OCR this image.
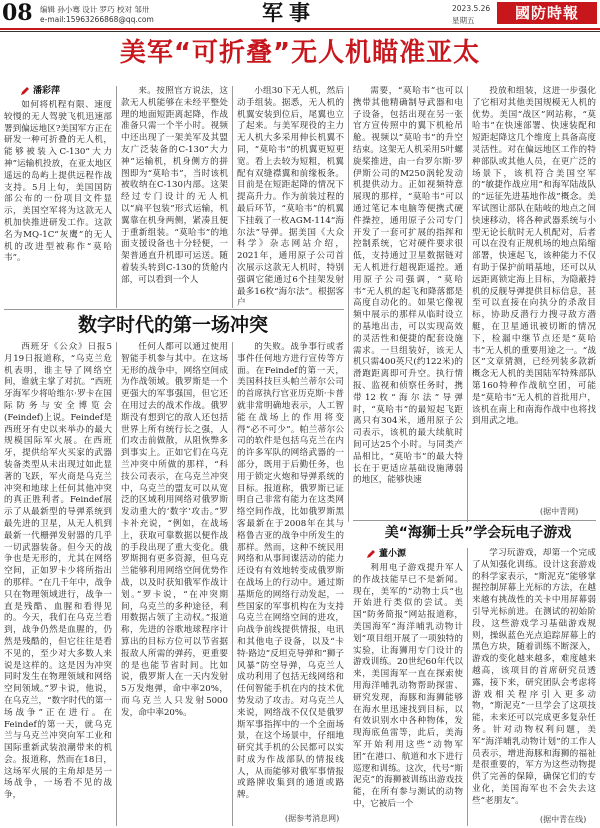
08 编辑 孙小骞 设计 罗巧 校对 邹卅
e-mail:15963266868@qq.com	军事	2023.5.26
星期五	國防時報
美军“可折叠”无人机瞄准亚太
潘彩萍

如何将机程有限、速度较慢的无人驾驶飞机迅速部署到偏远地区?美国军方正在研发一种可折叠的无人机，能够被装入C-130“大力神”运输机投放，在亚太地区遥远的岛屿上提供远程作战支持。5月上旬，美国国防部公布的一份项目文件显示，美国空军将为这款无人机加快推进研发工作。这款名为MQ-1C“灰鹰”的无人机的改进型被称作“莫哈韦”。

来。按照官方说法，这款无人机能够在未经平整处理的地面短距离起降，作战准备只需一个半小时。视频中还出现了一架美军及其盟友广泛装备的C-130“大力神”运输机，机身侧方的拼图即为“莫哈韦”，当时该机被收纳在C-130内部。这架经过专门设计的无人机以“扁平包装”形式运输，机翼靠在机身两侧，紧凑且便于重新组装。“莫哈韦”的地面支援设备也十分轻便，一架普通直升机即可运送。随着装头转到C-130的货舱内部，可以看到一个人

小组30下无人机，然后动手组装。据悉，无人机的机翼安装到位后，尾翼也立了起来。与美军现役的主力无人机大多采用伸长机翼不同，“莫哈韦”的机翼更短更宽。看上去较为短粗，机翼配有双缝襟翼和前缘板条。目前是在短距起降的情况下提高升力。作为前装过程的最后环节，“莫哈韦”的机翼下挂载了一枚AGM-114“海尔法”导弹。据美国《大众科学》杂志网站介绍，2021年，通用原子公司首次展示这款无人机时，特别强调它能通过6个挂架发射最多16枚“海尔法”。根据客户

需要，“莫哈韦”也可以携带其他精确制导武器和电子设备，包括出现在另一张官方宣传照中的翼下机枪吊舱。视频以“莫哈韦”的升空结束。这架无人机采用5叶螺旋桨推进，由一台罗尔斯·罗伊斯公司的M250涡轮发动机提供动力。正如视频特意展现的那样，“莫哈韦”可以通过笔记本电脑等便携式硬件操控，通用原子公司专门开发了一套可扩展的指挥和控制系统，它对硬件要求很低，支持通过卫星数据链对无人机进行超视距遥控。通用原子公司强调，“莫哈韦”无人机的起飞和降落都是高度自动化的。如果它像视频中展示的那样从临时设立的基地出击，可以实现高效的灵活性和便捷的配套设施需求。一旦组装好，该无人机只需400英尺(约122米)的滑跑距离即可升空。执行情报、监视和侦察任务时，携带12枚“海尔法”导弹时，“莫哈韦”的最短起飞距离只有304米，通用原子公司表示，该机的最大续航时间可达25个小时。与同类产品相比，“莫哈韦”的最大特长在于更适应基础设施薄弱的地区，能够快速

投放和组装，这进一步强化了它相对其他美国规模无人机的优势。美国“战区”网站称，“莫哈韦”在快速部署、快速装配和短距起降这几个维度上具备高度灵活性。对在偏远地区工作的特种部队或其他人员，在更广泛的场景下，该机符合美国空军的“敏捷作战应用”和海军陆战队的“远征先进基地作战”概念。美军试图让部队在陆岐的地点之间快速移动，将各种武器系统与小型无论长航时无人机配对，后者可以在没有正规机场的地点陷缩部署，快速起飞，该种能力不仅有助于保护前哨基地，还可以从远距离锁定海上目标，为隐蔽持机的反舰导弹提供目标信息，甚至可以直接在向执分的杀敌目标，协助反潜行力搜寻敌方潜艇，在卫星通讯被切断的情况下，检漏中继节点还是“莫哈韦”无人机的重要用途之一。“战区”文章猜测，已经列装多款新概念无人机的美国陆军特殊部队第160特种作战航空团，可能是“莫哈韦”无人机的首批用户，该机在南上和南海作战中也将找到用武之地。

(据中青网)
数字时代的第一场冲突

西班牙《公众》日报5月19日报道称，“乌克兰危机表明，谁主导了网络空间，谁就主掌了对抗。“西班牙海军少将哈维尔·罗卡在国际防务与安全博览会(Feindef)上说。Feindef是西班牙有史以来举办的最大规模国际军火展。在西班牙，提供给军火买家的武器装备类型从未出现过如此显著的飞跃，军火商是乌克兰冲突和地球上任何其他冲突的真正胜利者。Feindef展示了从最新型的导弹系统到最先进的卫星，从无人机到最新一代栅弹发射器的几乎一切武器装备。但今天的战争也是无形的，尤其在网络空间，正如罗卡少将所指出的那样。“在几千年中，战争只在物理领域进行，战争一直是残酷、血腥和看得见的。今天，我们在乌克兰看到，战争仍然是血腥的，仍然是残酷的，但它往往是看不见的，至少对大多数人来说是这样的。这是因为冲突同时发生在物理领域和网络空间领域。”罗卡说，他说，在乌克兰，“数字时代的第一场战争”正在进行。在Feindef的第一天，就乌克兰与乌克兰冲突向军工业和国际重新武装浪潮带来的机会。报道称，然而在18日，这场军火展的主角却是另一场战争，一场看不见的战争，

任何人都可以通过使用智能手机参与其中。在这场无形的战争中，网络空间成为作战领域。俄罗斯是一个更强大的军事强国，但它还在用过去的战术作战。俄罗斯没有想到它的敌人还包括世界上所有统行长之强，人们攻击前做散，从阻恢弊多到事实上。正如它们在乌克兰冲突中所做的那样，“科技公司表示，在乌克兰冲突中，乌克兰的盟友可以从宽泛的区域利用网络对俄罗斯发动重大的‘数字’攻击。”罗卡补充说，“例如，在战场上，获取可靠数据以便作战的手段出现了重大变化。俄罗斯拥有更多资源，但乌克兰能够利用网络空间优势作战，以及时获知俄军作战计划。”罗卡说，“在冲突期间，乌克兰的多种途径，利用数据占领了主动权。”报道称，先进的谷歌地球程序计算出的目标方位可以节省据报敌人所需的弹药，更重要的是也能节省时间。比如说，俄罗斯人在一天内发射5万发炮弹，命中率20%，而乌克兰人只发射5000发，命中率20%。

的失败。战争事行或者事件任何地方进行宣传等方面。在Feindef的第一天，美国科技巨头帕兰蒂尔公司的首席执行官亚历克斯·卡普就非常明确地表示，人工智能在战场上的作用将变得“必不可少”。帕兰蒂尔公司的软件是包括乌克兰在内的许多军队的网络武器的一部分，既用于后勤任务，也用于锁定火炮和导弹系统的目标。报道称，俄罗斯已证明自己非常有能力在这类网络空间作战，比如俄罗斯黑客最新在于2008年在其与格鲁吉亚的战争中所发生的那样。然而，这种不统民用网络和从事间谍活动的能力还设有有效地转变成俄罗斯在战场上的行动中。通过斯基斯危的网络行动发起，一些国家的军事机构在为支持乌克兰在网络空间的进攻，向战争前线提供情报，电讯和其他电子设备，以及“卡特·路边”反坦克导弹和“狮子风暴”防空导弹，乌克兰人成功利用了包括无线网络和任何智能手机在内的技术优势发动了攻击。对乌克兰人来说，网络战不仅仅是俄罗斯军事指挥中的一个全面场景，在这个场景中，仔细地研究其手机的公民都可以实时成为作战部队的情报线人，从而能够对俄军事情报或路牌收集到的通道或路牌。

(据参考消息网)
美“海狮士兵”学会玩电子游戏
董小源

利用电子游戏提升军人的作战技能早已不是新闻。现在，美军的“动物士兵”也开始进行类似的尝试。美国“防务简报”网站报道称，美国海军“海洋哺乳动物计划”项目组开展了一项独特的实验，让海狮用专门设计的游戏训练。20世纪60年代以来，美国海军一直在探索使用海洋哺乳动物帮助探雷、研究发现，海豚和海狮能够在海水里迅速找到目标，以有效识别水中各种物体，发现海底鱼雷等，此后，美海军开始利用这些“动物军团”在港口、航道和水下进行巡逻和训练。这次，代号“斯泥克”的海狮被训练出游戏技能，在所有参与测试的动物中，它被后一个

学习玩游戏，却第一个完成了从知强化训练。设计这套游戏的科学家表示，“斯泥克”能够掌握控制屏幕上光标的方法，在越来越有挑战性的关卡中用屏幕弱引导光标前进。在测试的初始阶段，这些游戏学习基础游戏规则，操纵蓝色光点追踪屏幕上的黑色方块，随着训练不断深入，游戏的变化越来越多，难度越来越高，该项目的首席研究员透露，接下来，研究团队会考虑将游戏相关程序引入更多动物，“斯泥克”一旦学会了这项技能，未来还可以完成更多复杂任务。针对动物权利问题，美军“海洋哺乳动物计划”的工作人员表示，增进海豚和海狮的福祉是很重要的，军方为这些动物提供了完善的保障，确保它们的专业化，美国海军也不会失去这些“老朋友”。

(据中青在线)
